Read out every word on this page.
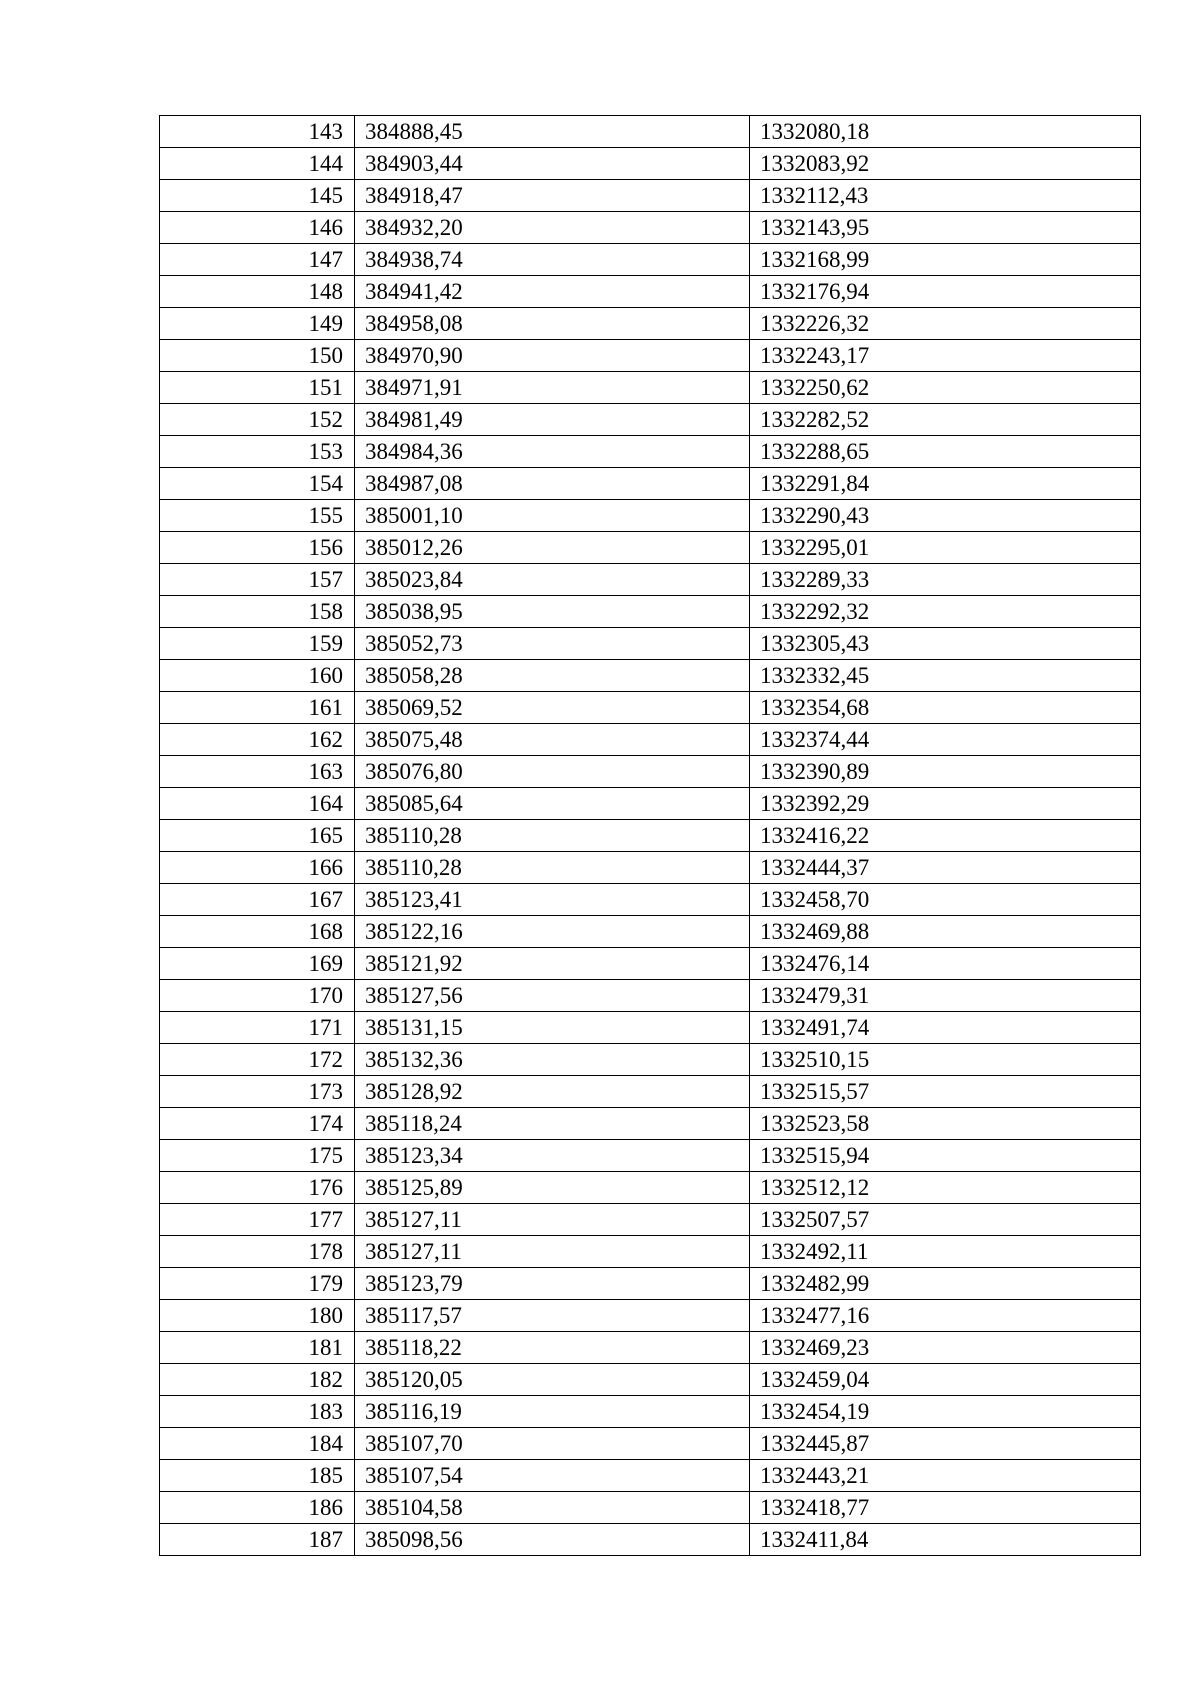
143	384888,45	1332080,18
144	384903,44	1332083,92
145	384918,47	1332112,43
146	384932,20	1332143,95
147	384938,74	1332168,99
148	384941,42	1332176,94
149	384958,08	1332226,32
150	384970,90	1332243,17
151	384971,91	1332250,62
152	384981,49	1332282,52
153	384984,36	1332288,65
154	384987,08	1332291,84
155	385001,10	1332290,43
156	385012,26	1332295,01
157	385023,84	1332289,33
158	385038,95	1332292,32
159	385052,73	1332305,43
160	385058,28	1332332,45
161	385069,52	1332354,68
162	385075,48	1332374,44
163	385076,80	1332390,89
164	385085,64	1332392,29
165	385110,28	1332416,22
166	385110,28	1332444,37
167	385123,41	1332458,70
168	385122,16	1332469,88
169	385121,92	1332476,14
170	385127,56	1332479,31
171	385131,15	1332491,74
172	385132,36	1332510,15
173	385128,92	1332515,57
174	385118,24	1332523,58
175	385123,34	1332515,94
176	385125,89	1332512,12
177	385127,11	1332507,57
178	385127,11	1332492,11
179	385123,79	1332482,99
180	385117,57	1332477,16
181	385118,22	1332469,23
182	385120,05	1332459,04
183	385116,19	1332454,19
184	385107,70	1332445,87
185	385107,54	1332443,21
186	385104,58	1332418,77
187	385098,56	1332411,84
